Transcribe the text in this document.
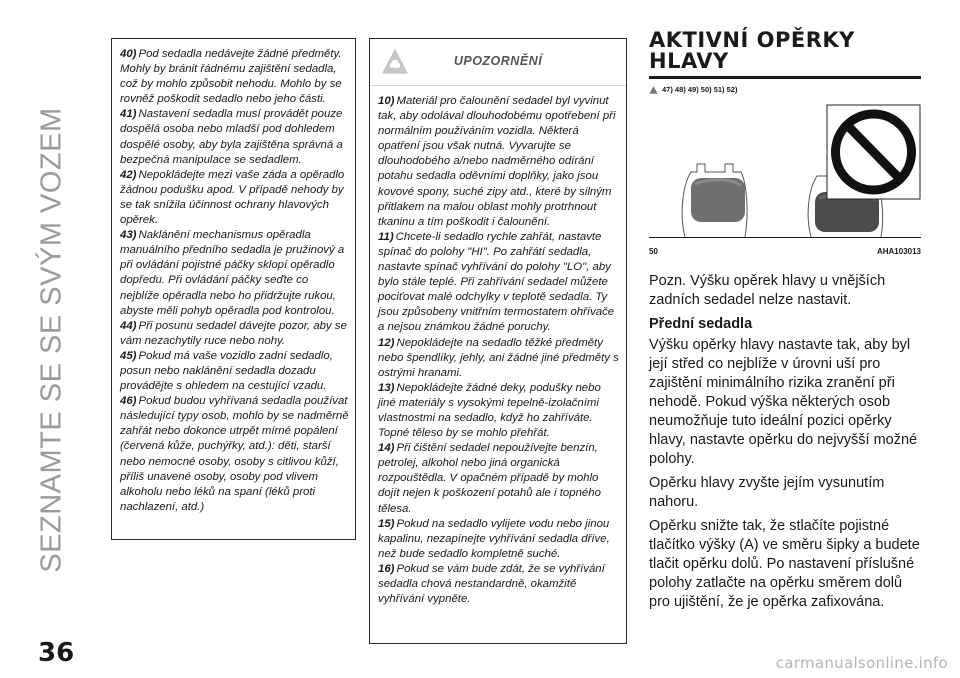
SEZNAMTE SE SE SVÝM VOZEM
36

40) Pod sedadla nedávejte žádné předměty. Mohly by bránit řádnému zajištění sedadla, což by mohlo způsobit nehodu. Mohlo by se rovněž poškodit sedadlo nebo jeho části.

41) Nastavení sedadla musí provádět pouze dospělá osoba nebo mladší pod dohledem dospělé osoby, aby byla zajištěna správná a bezpečná manipulace se sedadlem.

42) Nepokládejte mezi vaše záda a opěradlo žádnou podušku apod. V případě nehody by se tak snížila účinnost ochrany hlavových opěrek.

43) Naklánění mechanismus opěradla manuálního předního sedadla je pružinový a při ovládání pojistné páčky sklopí opěradlo dopředu. Při ovládání páčky seďte co nejblíže opěradla nebo ho přidržujte rukou, abyste měli pohyb opěradla pod kontrolou.

44) Při posunu sedadel dávejte pozor, aby se vám nezachytily ruce nebo nohy.

45) Pokud má vaše vozidlo zadní sedadlo, posun nebo naklánění sedadla dozadu provádějte s ohledem na cestující vzadu.

46) Pokud budou vyhřívaná sedadla používat následující typy osob, mohlo by se nadměrně zahřát nebo dokonce utrpět mírné popálení (červená kůže, puchýřky, atd.): děti, starší nebo nemocné osoby, osoby s citlivou kůží, příliš unavené osoby, osoby pod vlivem alkoholu nebo léků na spaní (léků proti nachlazení, atd.)

UPOZORNĚNÍ

10) Materiál pro čalounění sedadel byl vyvinut tak, aby odolával dlouhodobému opotřebení při normálním používáním vozidla. Některá opatření jsou však nutná. Vyvarujte se dlouhodobého a/nebo nadměrného odírání potahu sedadla oděvními doplňky, jako jsou kovové spony, suché zipy atd., které by silným přitlakem na malou oblast mohly protrhnout tkaninu a tím poškodit i čalounění.

11) Chcete-li sedadlo rychle zahřát, nastavte spínač do polohy "HI". Po zahřátí sedadla, nastavte spínač vyhřívání do polohy "LO", aby bylo stále teplé. Při zahřívání sedadel můžete pociťovat malé odchylky v teplotě sedadla. Ty jsou způsobeny vnitřním termostatem ohřívače a nejsou známkou žádné poruchy.

12) Nepokládejte na sedadlo těžké předměty nebo špendlíky, jehly, ani žádné jiné předměty s ostrými hranami.

13) Nepokládejte žádné deky, podušky nebo jiné materiály s vysokými tepelně-izolačními vlastnostmi na sedadlo, když ho zahříváte. Topné těleso by se mohlo přehřát.

14) Při čištění sedadel nepoužívejte benzín, petrolej, alkohol nebo jiná organická rozpouštědla. V opačném případě by mohlo dojít nejen k poškození potahů ale i topného tělesa.

15) Pokud na sedadlo vylijete vodu nebo jinou kapalinu, nezapínejte vyhřívání sedadla dříve, než bude sedadlo kompletně suché.

16) Pokud se vám bude zdát, že se vyhřívání sedadla chová nestandardně, okamžitě vyhřívání vypněte.

AKTIVNÍ OPĚRKY
HLAVY
47) 48) 49) 50) 51) 52)
50	AHA103013

Pozn. Výšku opěrek hlavy u vnějších zadních sedadel nelze nastavit.

Přední sedadla

Výšku opěrky hlavy nastavte tak, aby byl její střed co nejblíže v úrovni uší pro zajištění minimálního rizika zranění při nehodě. Pokud výška některých osob neumožňuje tuto ideální pozici opěrky hlavy, nastavte opěrku do nejvyšší možné polohy.

Opěrku hlavy zvyšte jejím vysunutím nahoru.

Opěrku snižte tak, že stlačíte pojistné tlačítko výšky (A) ve směru šipky a budete tlačit opěrku dolů. Po nastavení příslušné polohy zatlačte na opěrku směrem dolů pro ujištění, že je opěrka zafixována.

carmanualsonline.info
